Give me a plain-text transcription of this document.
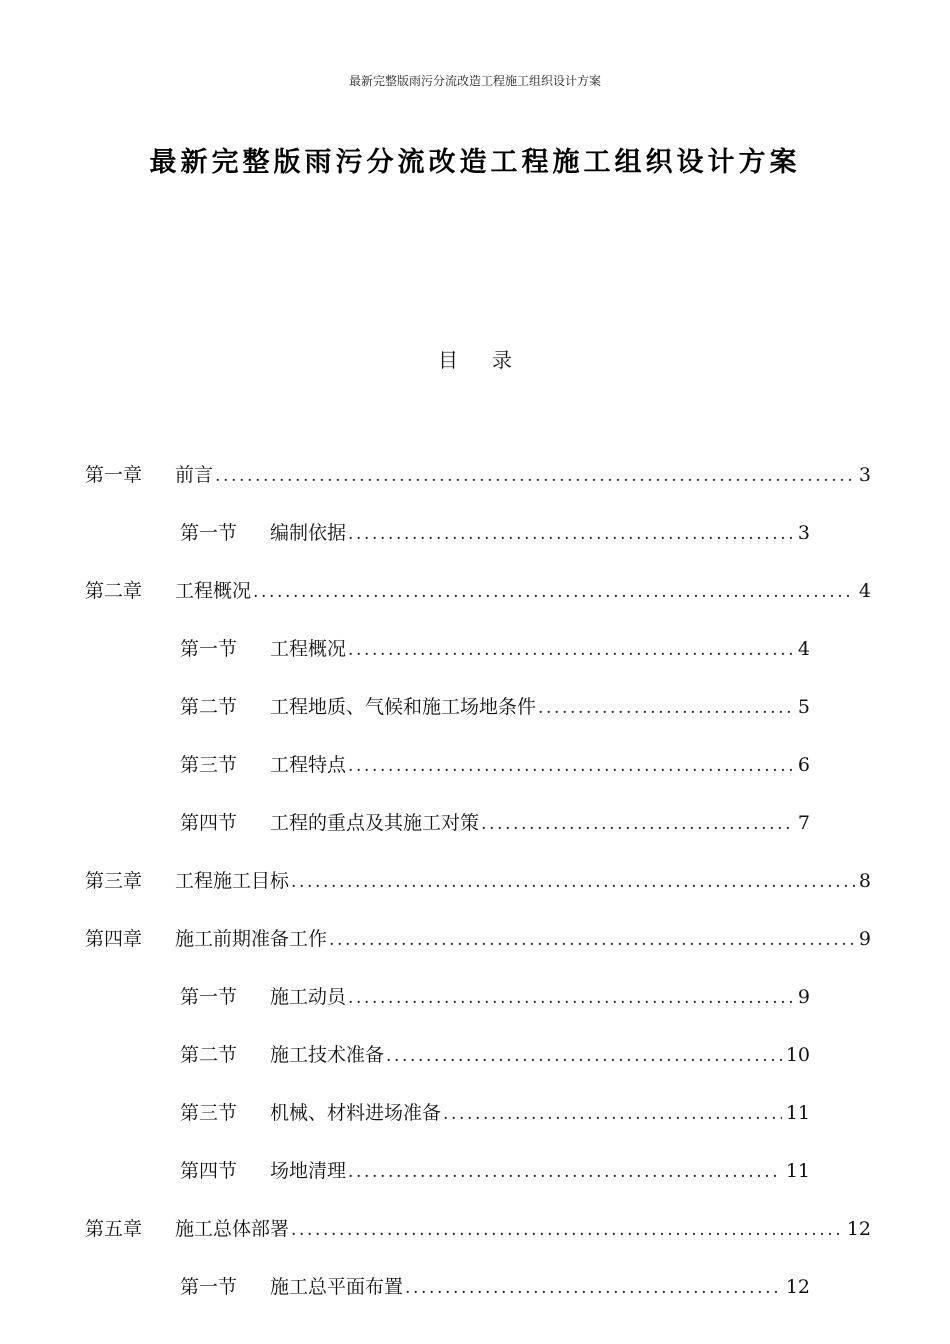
最新完整版雨污分流改造工程施工组织设计方案
最新完整版雨污分流改造工程施工组织设计方案
目 录
第一章	前言 .....	3
第一节	编制依据 .....	3
第二章	工程概况 .....	4
第一节	工程概况 .....	4
第二节	工程地质、气候和施工场地条件 .....	5
第三节	工程特点 .....	6
第四节	工程的重点及其施工对策 .....	7
第三章	工程施工目标 .....	8
第四章	施工前期准备工作 .....	9
第一节	施工动员 .....	9
第二节	施工技术准备 .....	10
第三节	机械、材料进场准备 .....	11
第四节	场地清理 .....	11
第五章	施工总体部署 .....	12
第一节	施工总平面布置 .....	12
